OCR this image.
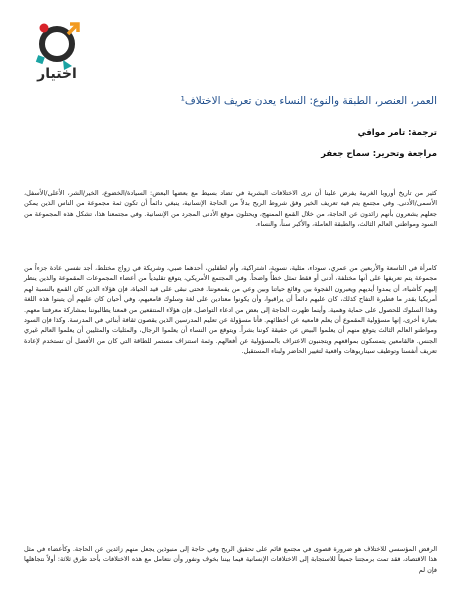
اختيار
العمر، العنصر، الطبقة والنوع: النساء يعدن تعريف الاختلاف¹
ترجمة: تامر موافي
مراجعة وتحرير: سماح جعفر

كثير من تاريخ أوروبا الغربية يفرض علينا أن نرى الاختلافات البشرية في تضاد بسيط مع بعضها البعض: السيادة/الخضوع، الخير/الشر، الأعلى/الأسفل، الأسمى/الأدنى. وفي مجتمع يتم فيه تعريف الخير وفق شروط الربح بدلاً من الحاجة الإنسانية، ينبغي دائماً أن تكون ثمة مجموعة من الناس الذين يمكن جعلهم يشعرون بأنهم زائدون عن الحاجة، من خلال القمع الممنهج، ويحتلون موقع الأدنى المجرد من الإنسانية. وفي مجتمعنا هذا، تشكل هذه المجموعة من السود ومواطني العالم الثالث، والطبقة العاملة، والأكبر سناً، والنساء.

كامرأة في التاسعة والأربعين من عمري، سوداء، مثلية، نسوية، اشتراكية، وأم لطفلين، أحدهما صبي، وشريكة في زواج مختلط، أجد نفسي عادة جزءاً من مجموعة يتم تعريفها على أنها مختلفة، أدنى أو فقط تمثل خطأً واضحاً. وفي المجتمع الأمريكي، يتوقع تقليدياً من أعضاء المجموعات المقموعة والذين ينظر إليهم كأشياء، أن يمدوا أيديهم ويعبرون الفجوة بين وقائع حياتنا وبين وعي من يقمعوننا. فحتى نبقى على قيد الحياة، فإن هؤلاء الذين كان القمع بالنسبة لهم أمريكيا بقدر ما فطيرة التفاح كذلك، كان عليهم دائماً أن يراقبوا، وأن يكونوا معتادين على لغة وسلوك قامعيهم، وفي أحيان كان عليهم أن يتبنوا هذه اللغة وهذا السلوك للحصول على حماية وهمية. وأينما ظهرت الحاجة إلى بعض من ادعاء التواصل، فإن هؤلاء المنتفعين من قمعنا يطالبوننا بمشاركة معرفتنا معهم. بعبارة أخرى، إنها مسؤولية المقموع أن يعلم قامعيه عن أخطائهم. فأنا مسؤولة عن تعليم المدرسين الذين يقصون ثقافة أبنائي في المدرسة. وكذا فإن السود ومواطنو العالم الثالث يتوقع منهم أن يعلموا البيض عن حقيقة كوننا بشراً. ويتوقع من النساء أن يعلموا الرجال، والمثليات والمثليين أن يعلموا العالم غيري الجنس. فالقامعين يتمسكون بمواقعهم ويتجنبون الاعتراف بالمسؤولية عن أفعالهم. وثمة استنزاف مستمر للطاقة التي كان من الأفضل أن تستخدم لإعادة تعريف أنفسنا وتوظيف سيناريوهات واقعية لتغيير الحاضر ولبناء المستقبل.

الرفض المؤسسي للاختلاف هو ضرورة قصوى في مجتمع قائم على تحقيق الربح وفي حاجة إلى منبوذين يجعل منهم زائدين عن الحاجة. وكأعضاء في مثل هذا الاقتصاد، فقد تمت برمجتنا جميعاً للاستجابة إلى الاختلافات الإنسانية فيما بيننا بخوف ونفور وأن نتعامل مع هذه الاختلافات بأحد طرق ثلاثة: أولاً نتجاهلها فإن لم
